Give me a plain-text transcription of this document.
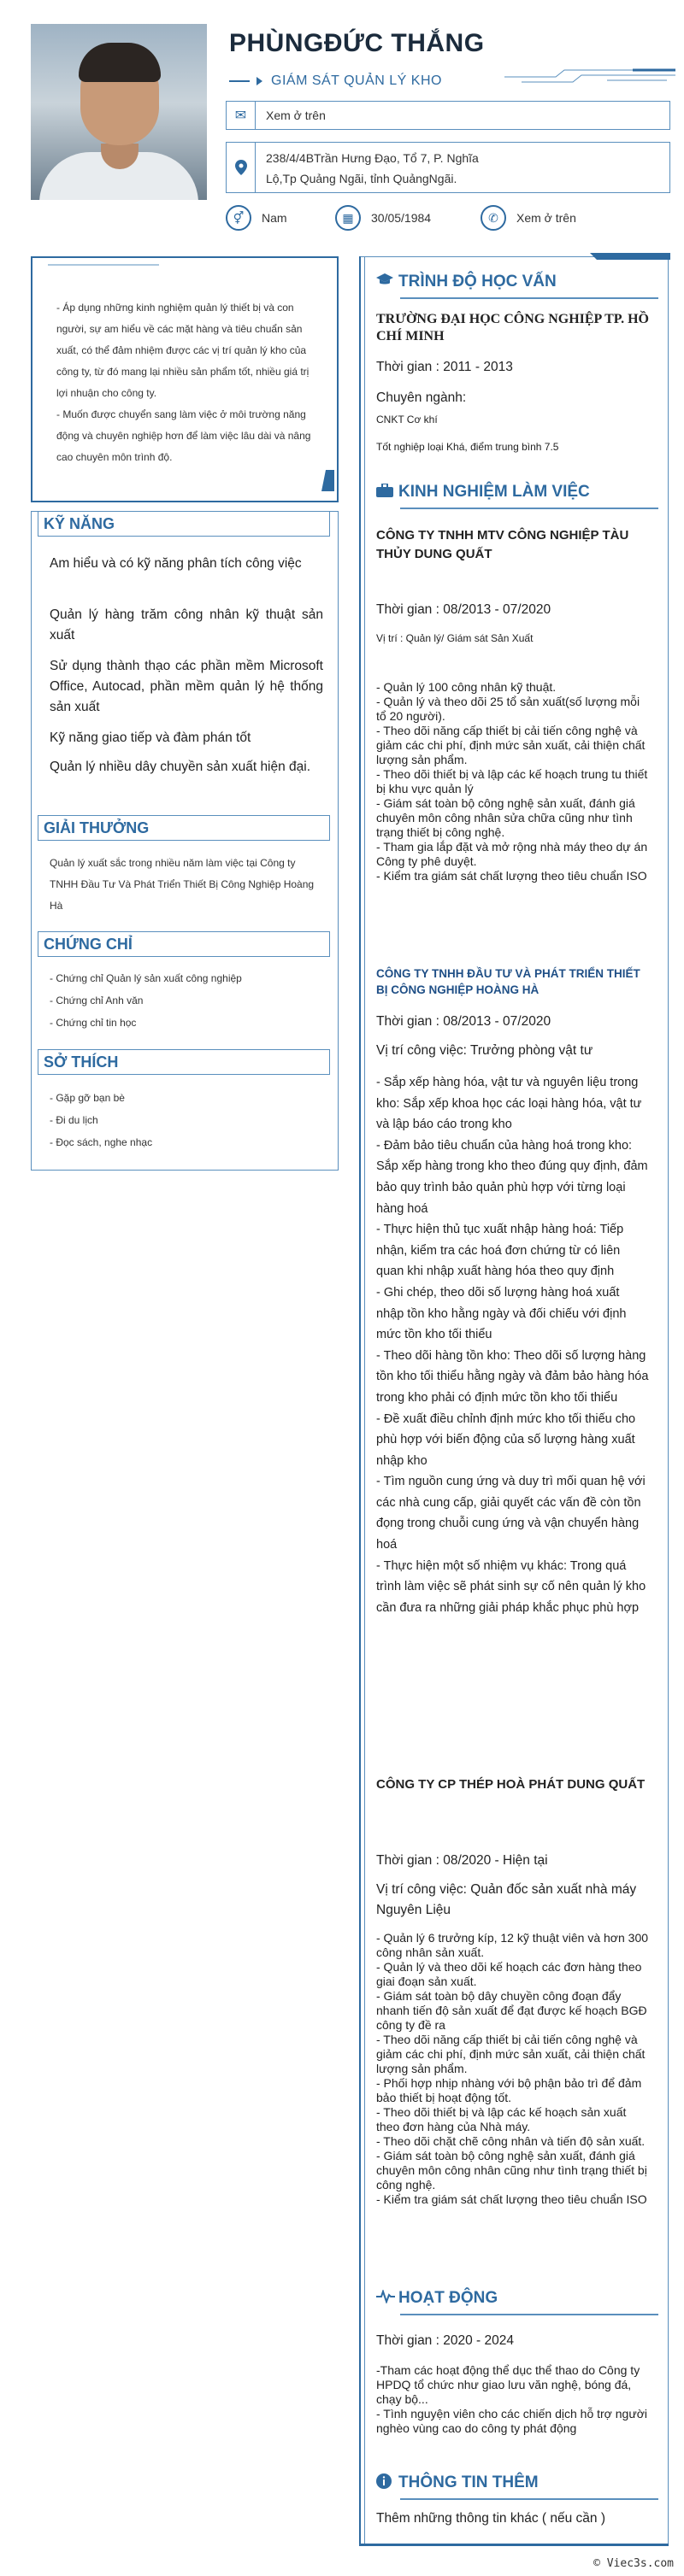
PHÙNGĐỨC THẮNG
GIÁM SÁT QUẢN LÝ KHO
✉	Xem ở trên
238/4/4BTrần Hưng Đạo, Tổ 7, P. Nghĩa
Lộ,Tp Quảng Ngãi, tỉnh QuảngNgãi.
⚥	Nam	▦	30/05/1984	✆	Xem ở trên
- Áp dụng những kinh nghiệm quản lý thiết bị và con người, sự am hiểu về các mặt hàng và tiêu chuẩn sản xuất, có thể đảm nhiệm được các vị trí quản lý kho của công ty, từ đó mang lại nhiều sản phẩm tốt, nhiều giá trị lợi nhuận cho công ty.
- Muốn được chuyển sang làm việc ở môi trường năng động và chuyên nghiệp hơn để làm việc lâu dài và nâng cao chuyên môn trình độ.
KỸ NĂNG
Am hiểu và có kỹ năng phân tích công việc
Quản lý hàng trăm công nhân kỹ thuật sản xuất
Sử dụng thành thạo các phần mềm Microsoft Office, Autocad, phần mềm quản lý hệ thống sản xuất
Kỹ năng giao tiếp và đàm phán tốt
Quản lý nhiều dây chuyền sản xuất hiện đại.
GIẢI THƯỞNG
Quản lý xuất sắc trong nhiều năm làm việc tại Công ty TNHH Đầu Tư Và Phát Triển Thiết Bị Công Nghiệp Hoàng Hà
CHỨNG CHỈ
- Chứng chỉ Quản lý sản xuất công nghiệp
- Chứng chỉ Anh văn
- Chứng chỉ tin học
SỞ THÍCH
- Gặp gỡ bạn bè
- Đi du lịch
- Đọc sách, nghe nhạc
TRÌNH ĐỘ HỌC VẤN
TRƯỜNG ĐẠI HỌC CÔNG NGHIỆP TP. HỒ CHÍ MINH
Thời gian : 2011 - 2013
Chuyên ngành:
CNKT Cơ khí
Tốt nghiệp loại Khá, điểm trung bình 7.5
KINH NGHIỆM LÀM VIỆC
CÔNG TY TNHH MTV CÔNG NGHIỆP TÀU THỦY DUNG QUẤT
Thời gian : 08/2013 - 07/2020
Vị trí : Quản lý/ Giám sát Sản Xuất
- Quản lý 100 công nhân kỹ thuật.
- Quản lý và theo dõi 25 tổ sản xuất(số lượng mỗi tổ 20 người).
- Theo dõi năng cấp thiết bị cải tiến công nghệ và giảm các chi phí, định mức sản xuất, cải thiện chất lượng sản phẩm.
- Theo dõi thiết bị và lập các kế hoạch trung tu thiết bị khu vực quản lý
- Giám sát toàn bộ công nghệ sản xuất, đánh giá chuyên môn công nhân sửa chữa cũng như tình trạng thiết bị công nghệ.
- Tham gia lắp đặt và mở rộng nhà máy theo dự án Công ty phê duyệt.
- Kiểm tra giám sát chất lượng theo tiêu chuẩn ISO
CÔNG TY TNHH ĐẦU TƯ VÀ PHÁT TRIỂN THIẾT BỊ CÔNG NGHIỆP HOÀNG HÀ
Thời gian : 08/2013 - 07/2020
Vị trí công việc: Trưởng phòng vật tư
- Sắp xếp hàng hóa, vật tư và nguyên liệu trong kho: Sắp xếp khoa học các loại hàng hóa, vật tư và lập báo cáo trong kho
- Đảm bảo tiêu chuẩn của hàng hoá trong kho: Sắp xếp hàng trong kho theo đúng quy định, đảm bảo quy trình bảo quản phù hợp với từng loại hàng hoá
- Thực hiện thủ tục xuất nhập hàng hoá: Tiếp nhận, kiểm tra các hoá đơn chứng từ có liên quan khi nhập xuất hàng hóa theo quy định
- Ghi chép, theo dõi số lượng hàng hoá xuất nhập tồn kho hằng ngày và đối chiếu với định mức tồn kho tối thiểu
- Theo dõi hàng tồn kho: Theo dõi số lượng hàng tồn kho tối thiểu hằng ngày và đảm bảo hàng hóa trong kho phải có định mức tồn kho tối thiểu
- Đề xuất điều chỉnh định mức kho tối thiếu cho phù hợp với biến động của số lượng hàng xuất nhập kho
- Tìm nguồn cung ứng và duy trì mối quan hệ với các nhà cung cấp, giải quyết các vấn đề còn tồn đọng trong chuỗi cung ứng và vận chuyển hàng hoá
- Thực hiện một số nhiệm vụ khác: Trong quá trình làm việc sẽ phát sinh sự cố nên quản lý kho cần đưa ra những giải pháp khắc phục phù hợp
CÔNG TY CP THÉP HOÀ PHÁT DUNG QUẤT
Thời gian : 08/2020 - Hiện tại
Vị trí công việc: Quản đốc sản xuất nhà máy Nguyên Liệu
- Quản lý 6 trưởng kíp, 12 kỹ thuật viên và hơn 300 công nhân sản xuất.
- Quản lý và theo dõi kế hoạch các đơn hàng theo giai đoạn sản xuất.
- Giám sát toàn bộ dây chuyền công đoạn đẩy nhanh tiến độ sản xuất để đạt được kế hoạch BGĐ công ty đề ra
- Theo dõi năng cấp thiết bị cải tiến công nghệ và giảm các chi phí, định mức sản xuất, cải thiện chất lượng sản phẩm.
- Phối hợp nhịp nhàng với bộ phận bảo trì để đảm bảo thiết bị hoạt động tốt.
- Theo dõi thiết bị và lập các kế hoạch sản xuất theo đơn hàng của Nhà máy.
- Theo dõi chặt chẽ công nhân và tiến độ sản xuất.
- Giám sát toàn bộ công nghệ sản xuất, đánh giá chuyên môn công nhân cũng như tình trạng thiết bị công nghệ.
- Kiểm tra giám sát chất lượng theo tiêu chuẩn ISO
HOẠT ĐỘNG
Thời gian : 2020 - 2024
-Tham các hoạt động thể dục thể thao do Công ty HPDQ tổ chức như giao lưu văn nghệ, bóng đá, chạy bộ...
- Tình nguyện viên cho các chiến dịch hỗ trợ người nghèo vùng cao do công ty phát động
THÔNG TIN THÊM
Thêm những thông tin khác ( nếu cần )
© Viec3s.com
